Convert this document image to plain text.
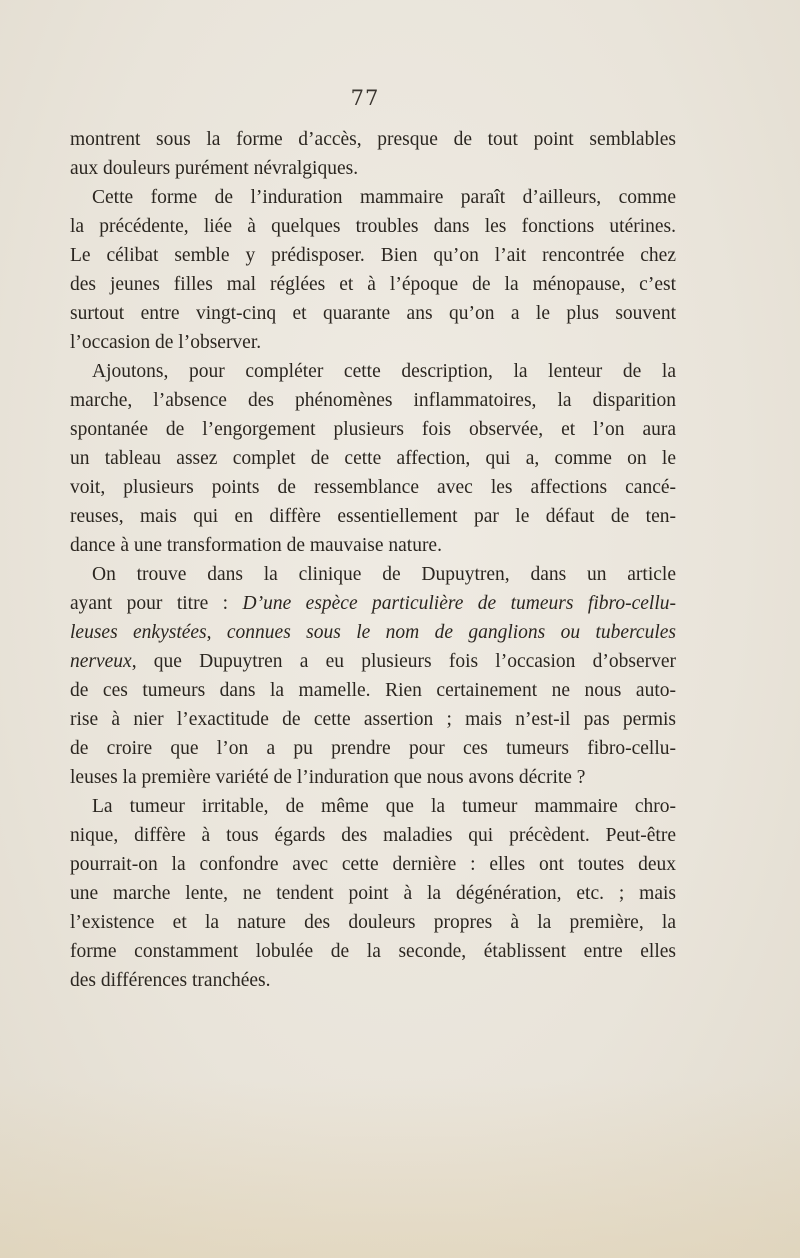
77
montrent sous la forme d’accès, presque de tout point semblables
aux douleurs purément névralgiques.
Cette forme de l’induration mammaire paraît d’ailleurs, comme
la précédente, liée à quelques troubles dans les fonctions utérines.
Le célibat semble y prédisposer. Bien qu’on l’ait rencontrée chez
des jeunes filles mal réglées et à l’époque de la ménopause, c’est
surtout entre vingt-cinq et quarante ans qu’on a le plus souvent
l’occasion de l’observer.
Ajoutons, pour compléter cette description, la lenteur de la
marche, l’absence des phénomènes inflammatoires, la disparition
spontanée de l’engorgement plusieurs fois observée, et l’on aura
un tableau assez complet de cette affection, qui a, comme on le
voit, plusieurs points de ressemblance avec les affections cancé-
reuses, mais qui en diffère essentiellement par le défaut de ten-
dance à une transformation de mauvaise nature.
On trouve dans la clinique de Dupuytren, dans un article
ayant pour titre : D’une espèce particulière de tumeurs fibro-cellu-
leuses enkystées, connues sous le nom de ganglions ou tubercules
nerveux, que Dupuytren a eu plusieurs fois l’occasion d’observer
de ces tumeurs dans la mamelle. Rien certainement ne nous auto-
rise à nier l’exactitude de cette assertion ; mais n’est-il pas permis
de croire que l’on a pu prendre pour ces tumeurs fibro-cellu-
leuses la première variété de l’induration que nous avons décrite ?
La tumeur irritable, de même que la tumeur mammaire chro-
nique, diffère à tous égards des maladies qui précèdent. Peut-être
pourrait-on la confondre avec cette dernière : elles ont toutes deux
une marche lente, ne tendent point à la dégénération, etc. ; mais
l’existence et la nature des douleurs propres à la première, la
forme constamment lobulée de la seconde, établissent entre elles
des différences tranchées.
